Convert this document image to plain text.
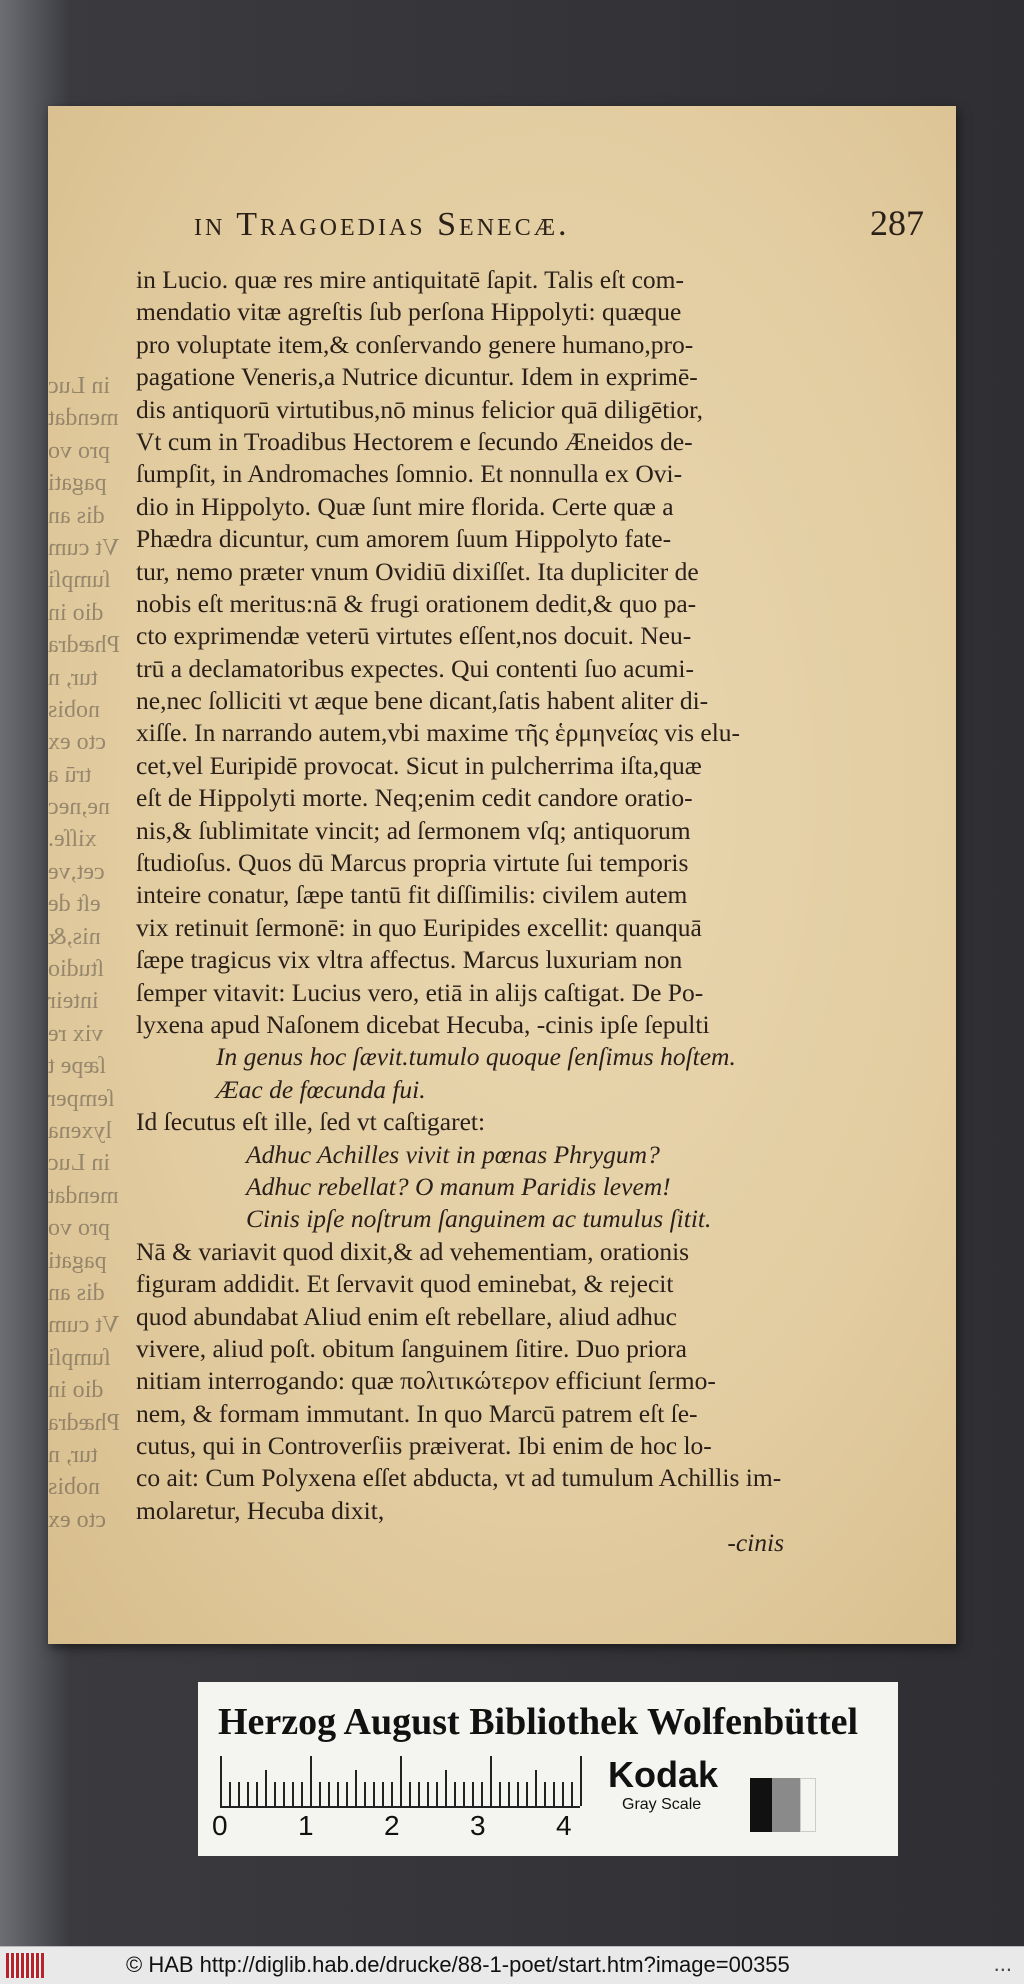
in Luc
mendat
pro vo
pagati
dis an
Vt cum
ſumpſi
dio in
Phædra
tur, n
nobis
cto ex
trū a
ne,nec
xiſſe.
cet,ve
eſt de
nis,&
ſtudio
inteir
vix re
ſæpe t
ſemper
lyxena
in Luc
mendat
pro vo
pagati
dis an
Vt cum
ſumpſi
dio in
Phædra
tur, n
nobis
cto ex
in Tragoedias Senecæ.	287
in Lucio. quæ res mire antiquitatē ſapit. Talis eſt com-
mendatio vitæ agreſtis ſub perſona Hippolyti: quæque
pro voluptate item,& conſervando genere humano,pro-
pagatione Veneris,a Nutrice dicuntur. Idem in exprimē-
dis antiquorū virtutibus,nō minus felicior quā diligētior,
Vt cum in Troadibus Hectorem e ſecundo Æneidos de-
ſumpſit, in Andromaches ſomnio. Et nonnulla ex Ovi-
dio in Hippolyto. Quæ ſunt mire florida. Certe quæ a
Phædra dicuntur, cum amorem ſuum Hippolyto fate-
tur, nemo præter vnum Ovidiū dixiſſet. Ita dupliciter de
nobis eſt meritus:nā & frugi orationem dedit,& quo pa-
cto exprimendæ veterū virtutes eſſent,nos docuit. Neu-
trū a declamatoribus expectes. Qui contenti ſuo acumi-
ne,nec ſolliciti vt æque bene dicant,ſatis habent aliter di-
xiſſe. In narrando autem,vbi maxime τῆς ἑρμηνείας vis elu-
cet,vel Euripidē provocat. Sicut in pulcherrima iſta,quæ
eſt de Hippolyti morte. Neq;enim cedit candore oratio-
nis,& ſublimitate vincit; ad ſermonem vſq; antiquorum
ſtudioſus. Quos dū Marcus propria virtute ſui temporis
inteire conatur, ſæpe tantū fit diſſimilis: civilem autem
vix retinuit ſermonē: in quo Euripides excellit: quanquā
ſæpe tragicus vix vltra affectus. Marcus luxuriam non
ſemper vitavit: Lucius vero, etiā in alijs caſtigat. De Po-
lyxena apud Naſonem dicebat Hecuba, -cinis ipſe ſepulti
In genus hoc ſævit.tumulo quoque ſenſimus hoſtem.
Æac de fœcunda fui.
Id ſecutus eſt ille, ſed vt caſtigaret:
Adhuc Achilles vivit in pœnas Phrygum?
Adhuc rebellat? O manum Paridis levem!
Cinis ipſe noſtrum ſanguinem ac tumulus ſitit.
Nā & variavit quod dixit,& ad vehementiam, orationis
figuram addidit. Et ſervavit quod eminebat, & rejecit
quod abundabat Aliud enim eſt rebellare, aliud adhuc
vivere, aliud poſt. obitum ſanguinem ſitire. Duo priora
nitiam interrogando: quæ πολιτικώτερον efficiunt ſermo-
nem, & formam immutant. In quo Marcū patrem eſt ſe-
cutus, qui in Controverſiis præiverat. Ibi enim de hoc lo-
co ait: Cum Polyxena eſſet abducta, vt ad tumulum Achillis im-
molaretur, Hecuba dixit,
-cinis
Herzog August Bibliothek Wolfenbüttel
Kodak
Gray Scale
0	1	2	3	4
© HAB http://diglib.hab.de/drucke/88-1-poet/start.htm?image=00355	...
